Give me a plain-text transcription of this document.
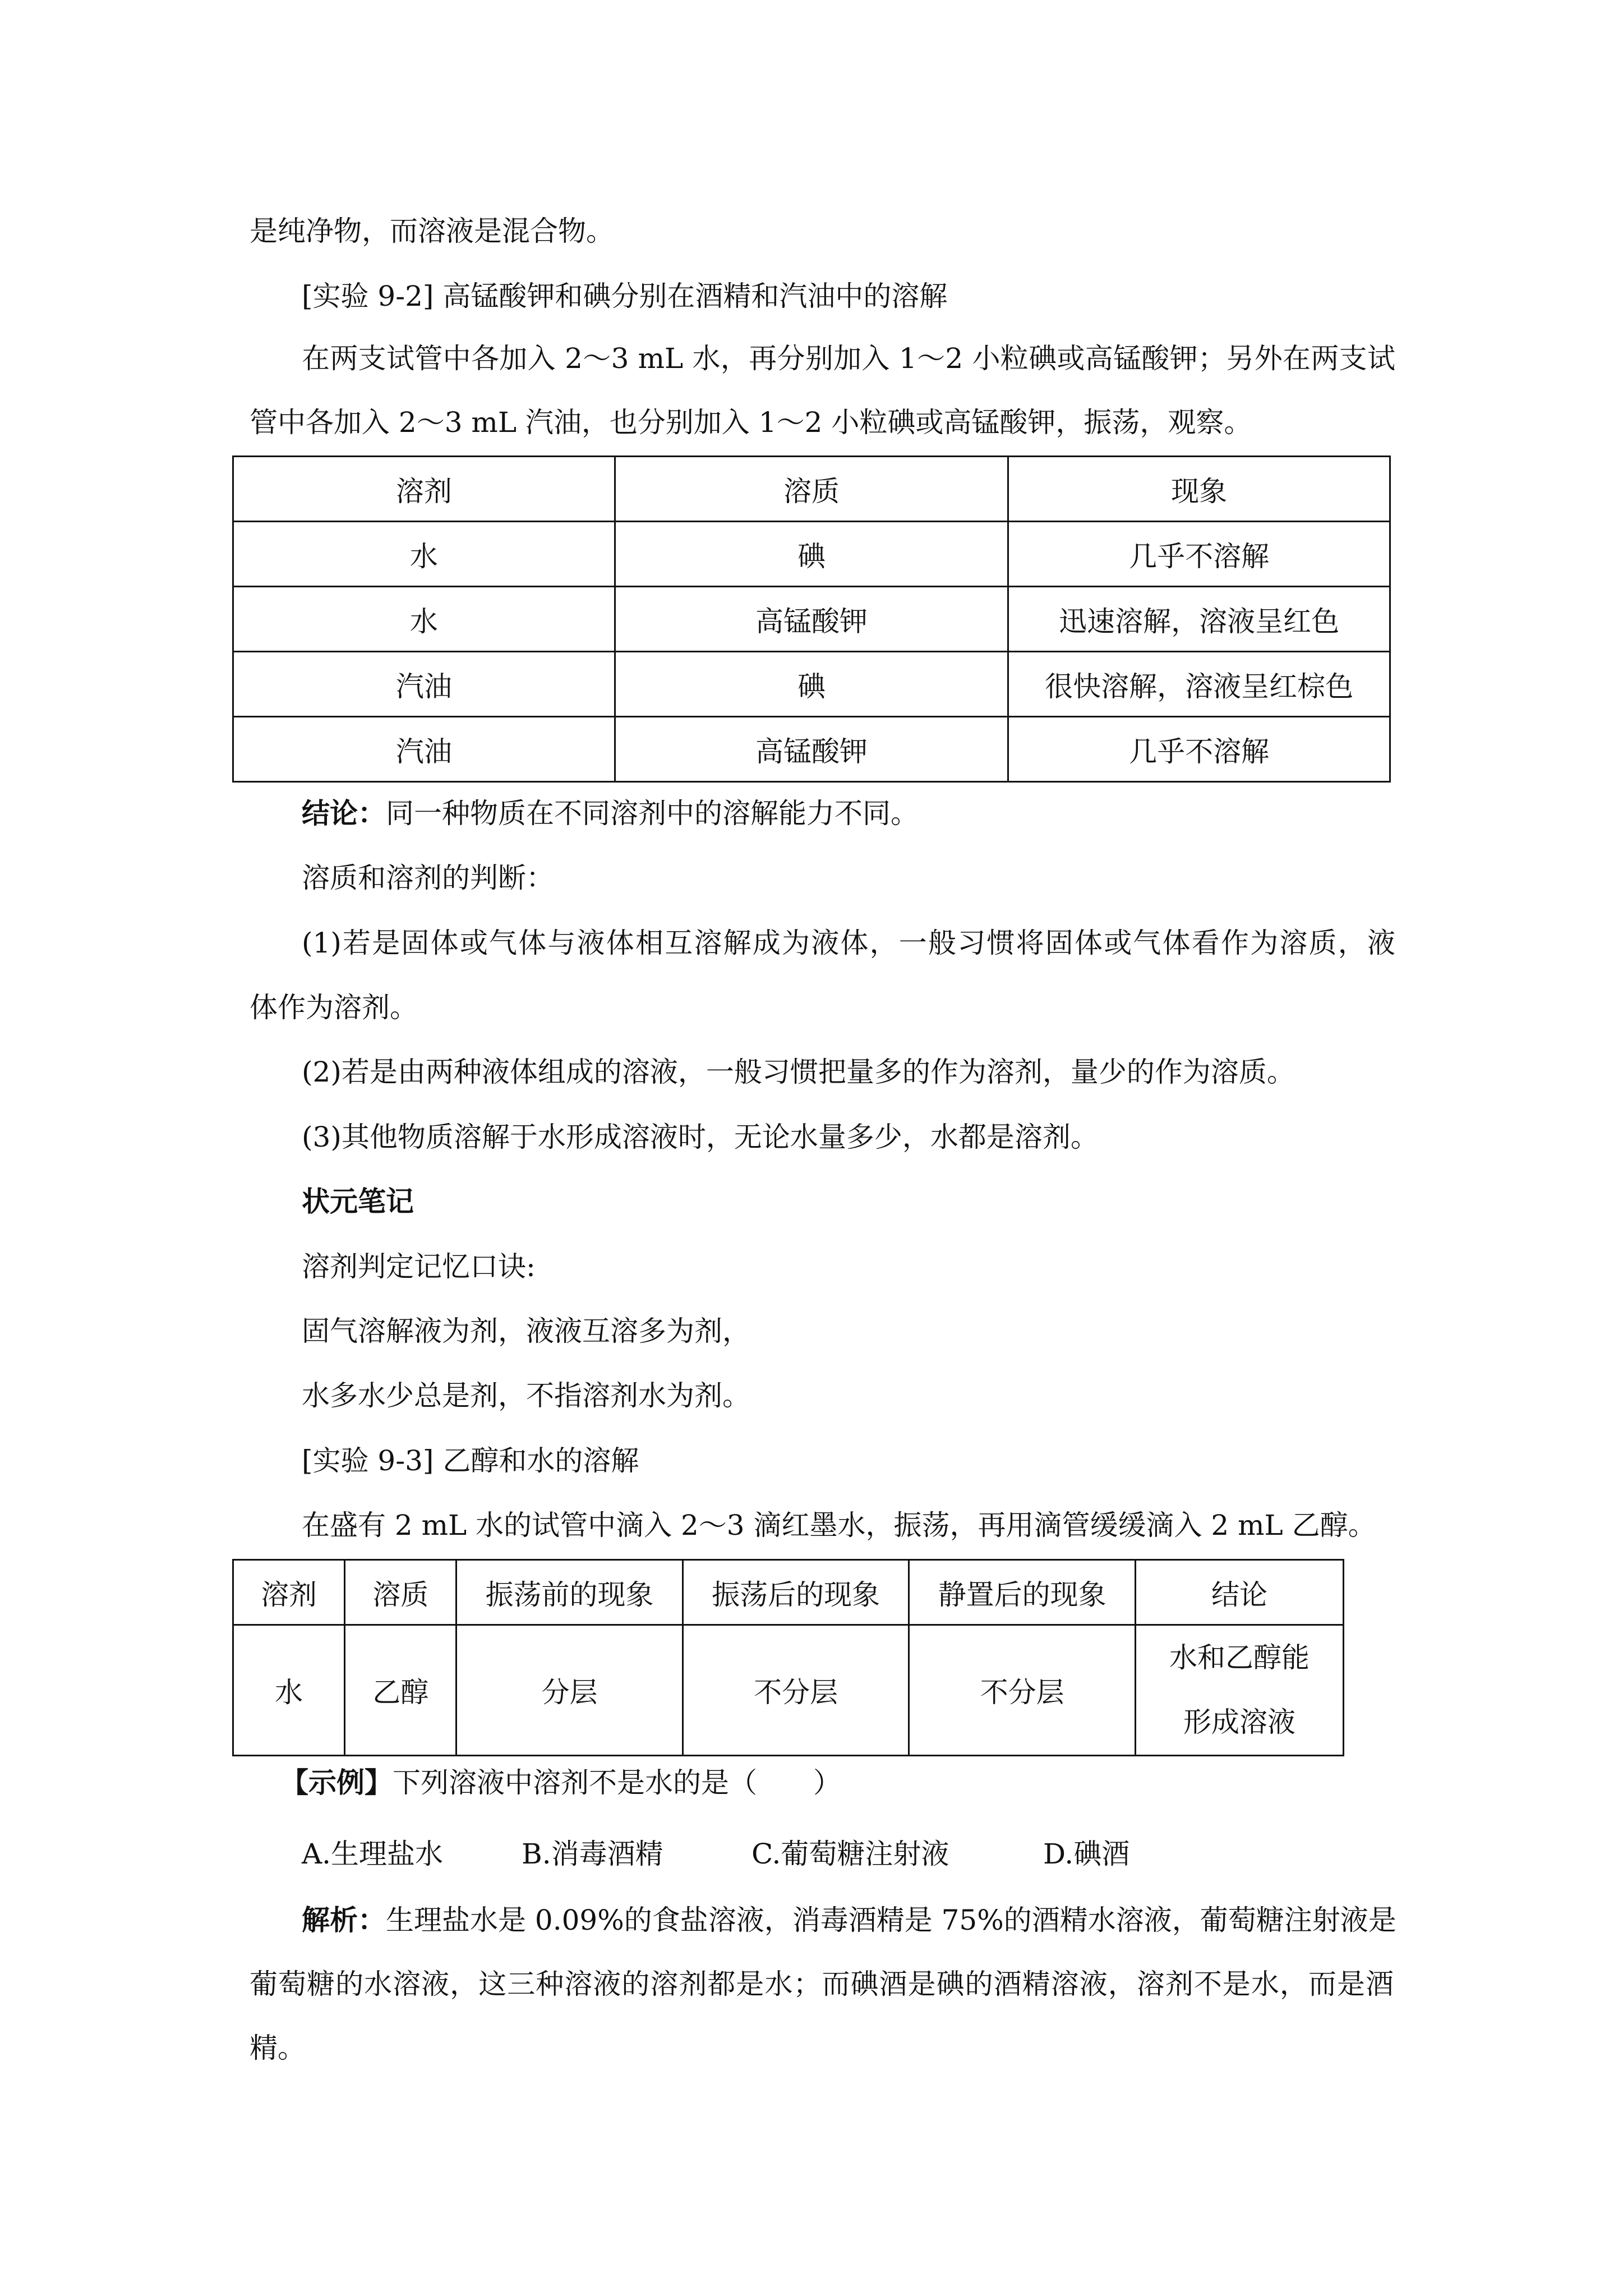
是纯净物，而溶液是混合物。
[实验 9-2] 高锰酸钾和碘分别在酒精和汽油中的溶解
在两支试管中各加入 2～3 mL 水，再分别加入 1～2 小粒碘或高锰酸钾；另外在两支试
管中各加入 2～3 mL 汽油，也分别加入 1～2 小粒碘或高锰酸钾，振荡，观察。
溶剂	溶质	现象
水	碘	几乎不溶解
水	高锰酸钾	迅速溶解，溶液呈红色
汽油	碘	很快溶解，溶液呈红棕色
汽油	高锰酸钾	几乎不溶解
结论：同一种物质在不同溶剂中的溶解能力不同。
溶质和溶剂的判断：
(1)若是固体或气体与液体相互溶解成为液体，一般习惯将固体或气体看作为溶质，液
体作为溶剂。
(2)若是由两种液体组成的溶液，一般习惯把量多的作为溶剂，量少的作为溶质。
(3)其他物质溶解于水形成溶液时，无论水量多少，水都是溶剂。
状元笔记
溶剂判定记忆口诀:
固气溶解液为剂，液液互溶多为剂，
水多水少总是剂，不指溶剂水为剂。
[实验 9-3] 乙醇和水的溶解
在盛有 2 mL 水的试管中滴入 2～3 滴红墨水，振荡，再用滴管缓缓滴入 2 mL 乙醇。
溶剂	溶质	振荡前的现象	振荡后的现象	静置后的现象	结论
水	乙醇	分层	不分层	不分层	水和乙醇能
形成溶液
【示例】下列溶液中溶剂不是水的是（　　）
A.生理盐水	B.消毒酒精	C.葡萄糖注射液	D.碘酒
解析：生理盐水是 0.09%的食盐溶液，消毒酒精是 75%的酒精水溶液，葡萄糖注射液是
葡萄糖的水溶液，这三种溶液的溶剂都是水；而碘酒是碘的酒精溶液，溶剂不是水，而是酒
精。
